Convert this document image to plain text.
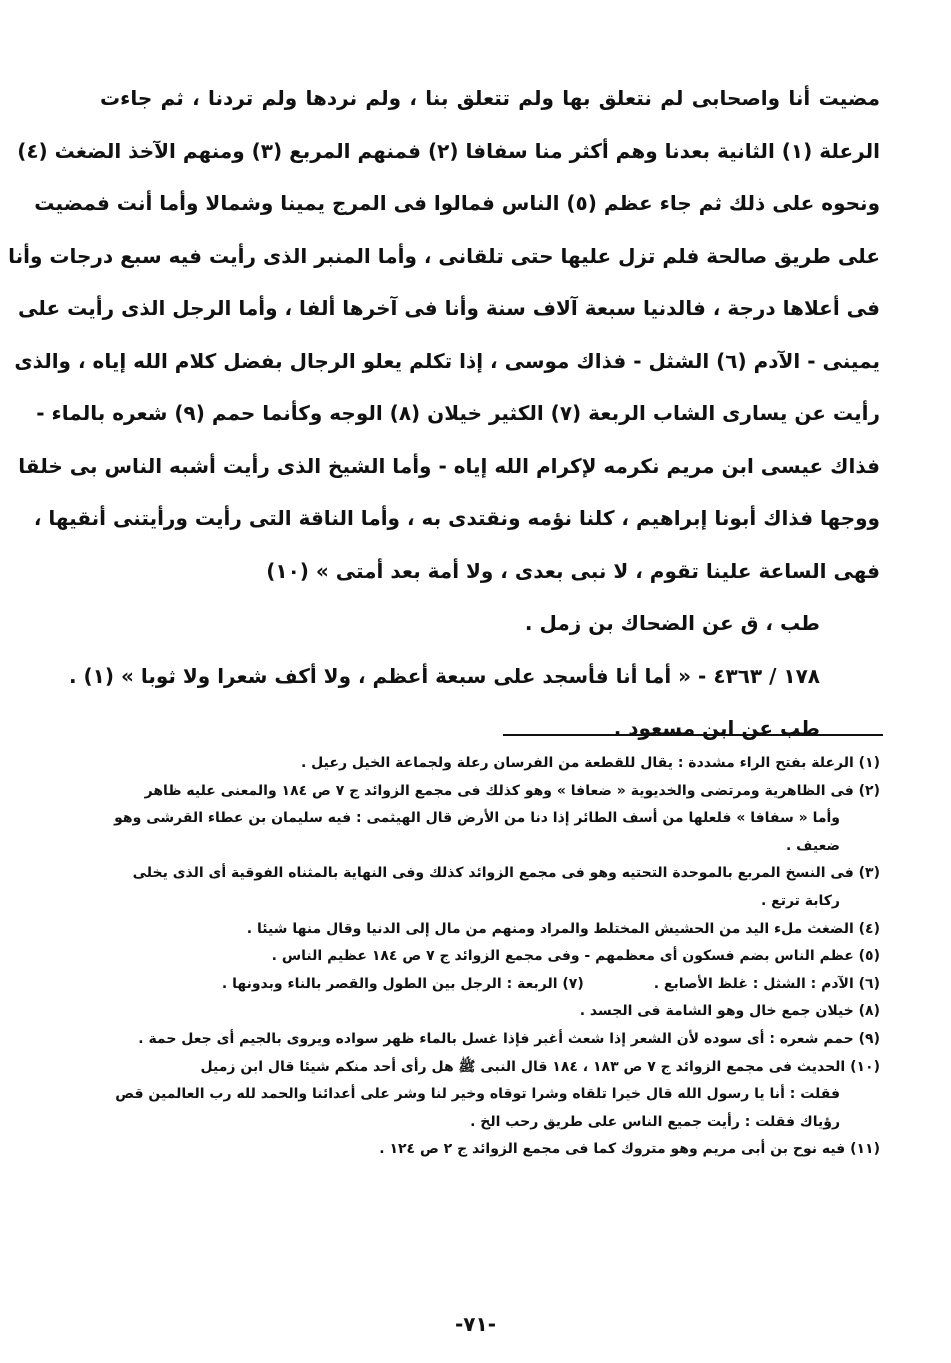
مضيت أنا واصحابى لم نتعلق بها ولم تتعلق بنا ، ولم نردها ولم تردنا ، ثم جاءت
الرعلة (١) الثانية بعدنا وهم أكثر منا سفافا (٢) فمنهم المربع (٣) ومنهم الآخذ الضغث (٤)
ونحوه على ذلك ثم جاء عظم (٥) الناس فمالوا فى المرج يمينا وشمالا وأما أنت فمضيت
على طريق صالحة فلم تزل عليها حتى تلقانى ، وأما المنبر الذى رأيت فيه سبع درجات وأنا
فى أعلاها درجة ، فالدنيا سبعة آلاف سنة وأنا فى آخرها ألفا ، وأما الرجل الذى رأيت على
يمينى - الآدم (٦) الشثل - فذاك موسى ، إذا تكلم يعلو الرجال بفضل كلام الله إياه ، والذى
رأيت عن يسارى الشاب الربعة (٧) الكثير خيلان (٨) الوجه وكأنما حمم (٩) شعره بالماء -
فذاك عيسى ابن مريم نكرمه لإكرام الله إياه - وأما الشيخ الذى رأيت أشبه الناس بى خلقا
ووجها فذاك أبونا إبراهيم ، كلنا نؤمه ونقتدى به ، وأما الناقة التى رأيت ورأيتنى أنقيها ،
فهى الساعة علينا تقوم ، لا نبى بعدى ، ولا أمة بعد أمتى » (١٠)
طب ، ق عن الضحاك بن زمل .
١٧٨ / ٤٣٦٣ - « أما أنا فأسجد على سبعة أعظم ، ولا أكف شعرا ولا ثوبا » (١) .
طب عن ابن مسعود .
(١) الرعلة بفتح الراء مشددة : يقال للقطعة من الفرسان رعلة ولجماعة الخيل رعيل .
(٢) فى الظاهرية ومرتضى والخديوية « ضعافا » وهو كذلك فى مجمع الزوائد ج ٧ ص ١٨٤ والمعنى عليه ظاهر
وأما « سفافا » فلعلها من أسف الطائر إذا دنا من الأرض قال الهيثمى : فيه سليمان بن عطاء القرشى وهو
ضعيف .
(٣) فى النسخ المربع بالموحدة التحتيه وهو فى مجمع الزوائد كذلك وفى النهاية بالمثناه الفوقية أى الذى يخلى
ركابة ترتع .
(٤) الضغث ملء اليد من الحشيش المختلط والمراد ومنهم من مال إلى الدنيا وقال منها شيئا .
(٥) عظم الناس بضم فسكون أى معظمهم - وفى مجمع الزوائد ج ٧ ص ١٨٤ عظيم الناس .
(٦) الآدم : الشثل : غلظ الأصابع .
(٧) الربعة : الرجل بين الطول والقصر بالناء وبدونها .
(٨) خيلان جمع خال وهو الشامة فى الجسد .
(٩) حمم شعره : أى سوده لأن الشعر إذا شعث أغبر فإذا غسل بالماء ظهر سواده ويروى بالجيم أى جعل حمة .
(١٠) الحديث فى مجمع الزوائد ج ٧ ص ١٨٣ ، ١٨٤ قال النبى ﷺ هل رأى أحد منكم شيئا قال ابن زميل
فقلت : أنا يا رسول الله قال خيرا تلقاه وشرا توقاه وخير لنا وشر على أعدائنا والحمد لله رب العالمين قص
رؤياك فقلت : رأيت جميع الناس على طريق رحب الخ .
(١١) فيه نوح بن أبى مريم وهو متروك كما فى مجمع الزوائد ج ٢ ص ١٢٤ .
-٧١-
